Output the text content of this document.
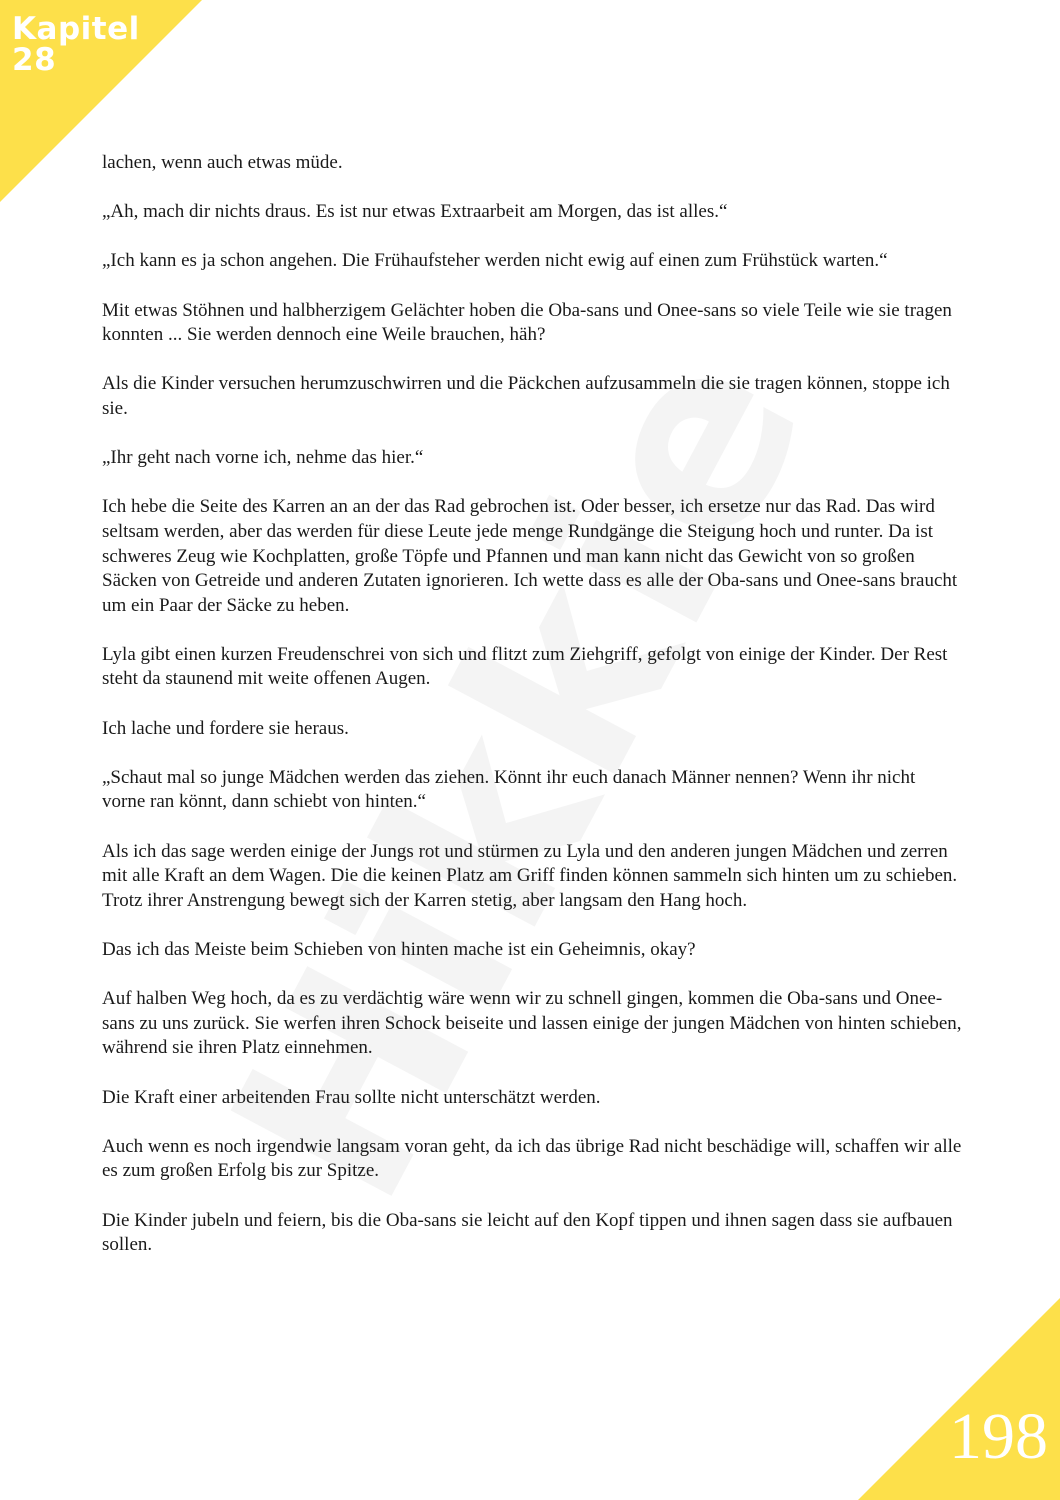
Kapitel
28

lachen, wenn auch etwas müde.

„Ah, mach dir nichts draus. Es ist nur etwas Extraarbeit am Morgen, das ist alles.“

„Ich kann es ja schon angehen. Die Frühaufsteher werden nicht ewig auf einen zum Frühstück warten.“

Mit etwas Stöhnen und halbherzigem Gelächter hoben die Oba-sans und Onee-sans so viele Teile wie sie tragen konnten ... Sie werden dennoch eine Weile brauchen, häh?

Als die Kinder versuchen herumzuschwirren und die Päckchen aufzusammeln die sie tragen können, stoppe ich sie.

„Ihr geht nach vorne ich, nehme das hier.“

Ich hebe die Seite des Karren an an der das Rad gebrochen ist. Oder besser, ich ersetze nur das Rad. Das wird seltsam werden, aber das werden für diese Leute jede menge Rundgänge die Steigung hoch und runter. Da ist schweres Zeug wie Kochplatten, große Töpfe und Pfannen und man kann nicht das Gewicht von so großen Säcken von Getreide und anderen Zutaten ignorieren. Ich wette dass es alle der Oba-sans und Onee-sans braucht um ein Paar der Säcke zu heben.

Lyla gibt einen kurzen Freudenschrei von sich und flitzt zum Ziehgriff, gefolgt von einige der Kinder. Der Rest steht da staunend mit weite offenen Augen.

Ich lache und fordere sie heraus.

„Schaut mal so junge Mädchen werden das ziehen. Könnt ihr euch danach Männer nennen? Wenn ihr nicht vorne ran könnt, dann schiebt von hinten.“

Als ich das sage werden einige der Jungs rot und stürmen zu Lyla und den anderen jungen Mädchen und zerren mit alle Kraft an dem Wagen. Die die keinen Platz am Griff finden können sammeln sich hinten um zu schieben. Trotz ihrer Anstrengung bewegt sich der Karren stetig, aber langsam den Hang hoch.

Das ich das Meiste beim Schieben von hinten mache ist ein Geheimnis, okay?

Auf halben Weg hoch, da es zu verdächtig wäre wenn wir zu schnell gingen, kommen die Oba-sans und Onee-sans zu uns zurück. Sie werfen ihren Schock beiseite und lassen einige der jungen Mädchen von hinten schieben, während sie ihren Platz einnehmen.

Die Kraft einer arbeitenden Frau sollte nicht unterschätzt werden.

Auch wenn es noch irgendwie langsam voran geht, da ich das übrige Rad nicht beschädige will, schaffen wir alle es zum großen Erfolg bis zur Spitze.

Die Kinder jubeln und feiern, bis die Oba-sans sie leicht auf den Kopf tippen und ihnen sagen dass sie aufbauen sollen.

198
